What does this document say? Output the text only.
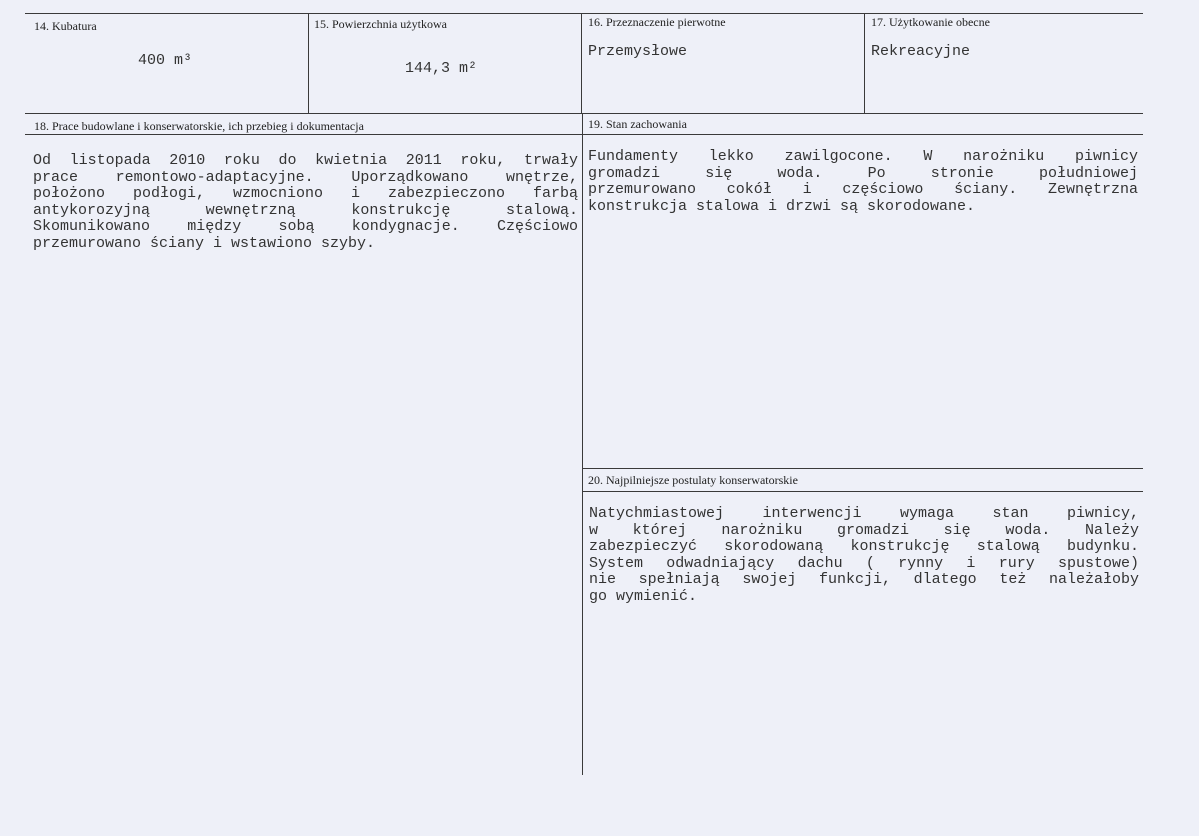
14. Kubatura
400 m³
15. Powierzchnia użytkowa
144,3 m²
16. Przeznaczenie pierwotne
Przemysłowe
17. Użytkowanie obecne
Rekreacyjne
18. Prace budowlane i konserwatorskie, ich przebieg i dokumentacja
Od listopada 2010 roku do kwietnia 2011 roku, trwały
prace remontowo-adaptacyjne. Uporządkowano wnętrze,
położono podłogi, wzmocniono i zabezpieczono farbą
antykorozyjną wewnętrzną konstrukcję stalową.
Skomunikowano między sobą kondygnacje. Częściowo
przemurowano ściany i wstawiono szyby.
19. Stan zachowania
Fundamenty lekko zawilgocone. W narożniku piwnicy
gromadzi się woda. Po stronie południowej
przemurowano cokół i częściowo ściany. Zewnętrzna
konstrukcja stalowa i drzwi są skorodowane.
20. Najpilniejsze postulaty konserwatorskie
Natychmiastowej interwencji wymaga stan piwnicy,
w której narożniku gromadzi się woda. Należy
zabezpieczyć skorodowaną konstrukcję stalową budynku.
System odwadniający dachu ( rynny i rury spustowe)
nie spełniają swojej funkcji, dlatego też należałoby
go wymienić.
